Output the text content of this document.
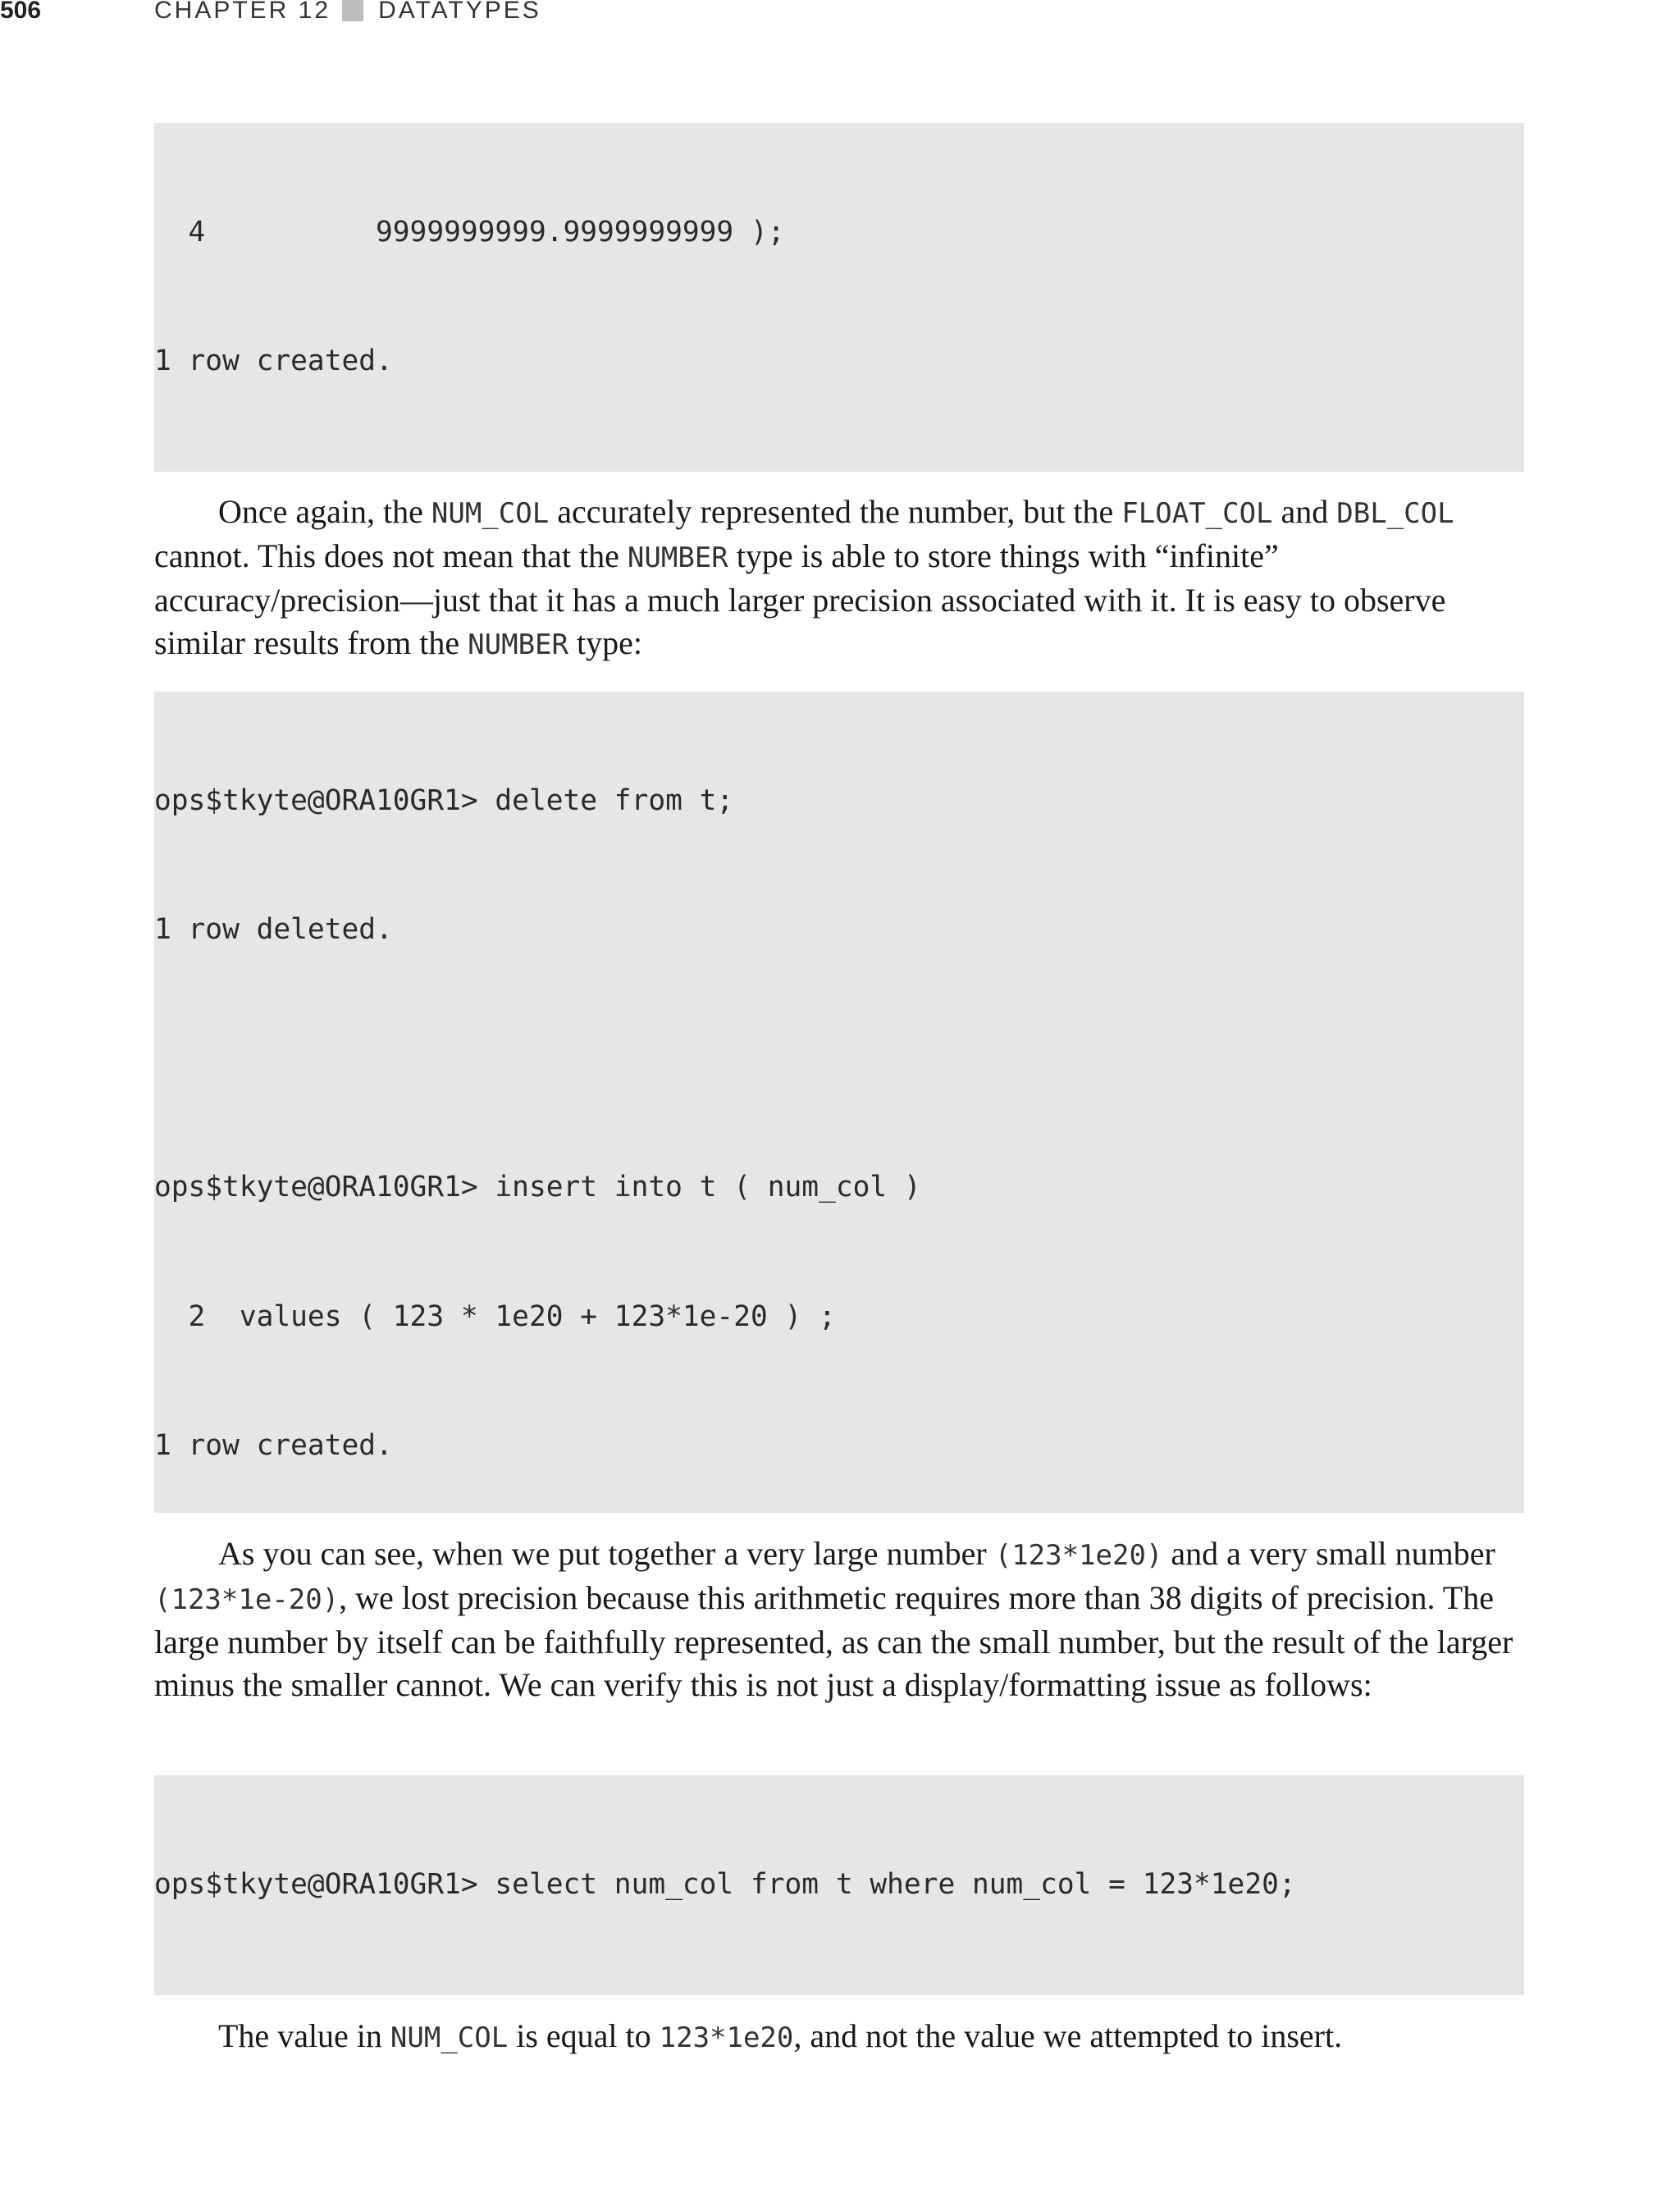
506	CHAPTER 12 DATATYPES

4          9999999999.9999999999 );

1 row created.

Once again, the NUM_COL accurately represented the number, but the FLOAT_COL and DBL_COL cannot. This does not mean that the NUMBER type is able to store things with “infinite” accuracy/precision—just that it has a much larger precision associated with it. It is easy to observe similar results from the NUMBER type:

ops$tkyte@ORA10GR1> delete from t;

1 row deleted.

ops$tkyte@ORA10GR1> insert into t ( num_col )

2  values ( 123 * 1e20 + 123*1e-20 ) ;

1 row created.

As you can see, when we put together a very large number (123*1e20) and a very small number (123*1e-20), we lost precision because this arithmetic requires more than 38 digits of precision. The large number by itself can be faithfully represented, as can the small number, but the result of the larger minus the smaller cannot. We can verify this is not just a display/formatting issue as follows:

ops$tkyte@ORA10GR1> select num_col from t where num_col = 123*1e20;

The value in NUM_COL is equal to 123*1e20, and not the value we attempted to insert.
